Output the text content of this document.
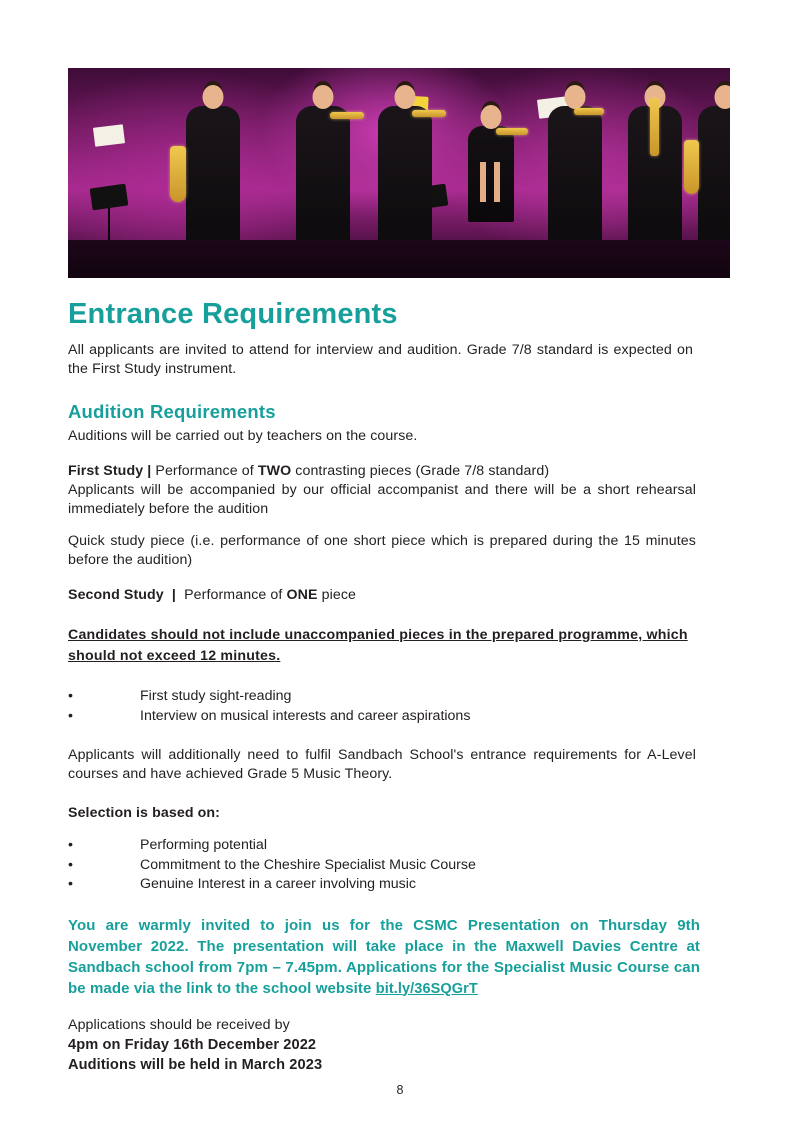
Entrance Requirements

All applicants are invited to attend for interview and audition. Grade 7/8 standard is expected on the First Study instrument.

Audition Requirements

Auditions will be carried out by teachers on the course.

First Study | Performance of TWO contrasting pieces (Grade 7/8 standard)

Applicants will be accompanied by our official accompanist and there will be a short rehearsal immediately before the audition

Quick study piece (i.e. performance of one short piece which is prepared during the 15 minutes before the audition)

Second Study | Performance of ONE piece

Candidates should not include unaccompanied pieces in the prepared programme, which should not exceed 12 minutes.
• First study sight-reading
• Interview on musical interests and career aspirations

Applicants will additionally need to fulfil Sandbach School's entrance requirements for A-Level courses and have achieved Grade 5 Music Theory.

Selection is based on:

• Performing potential
• Commitment to the Cheshire Specialist Music Course
• Genuine Interest in a career involving music
You are warmly invited to join us for the CSMC Presentation on Thursday 9th November 2022. The presentation will take place in the Maxwell Davies Centre at Sandbach school from 7pm – 7.45pm. Applications for the Specialist Music Course can be made via the link to the school website bit.ly/36SQGrT

Applications should be received by

4pm on Friday 16th December 2022

Auditions will be held in March 2023

8
